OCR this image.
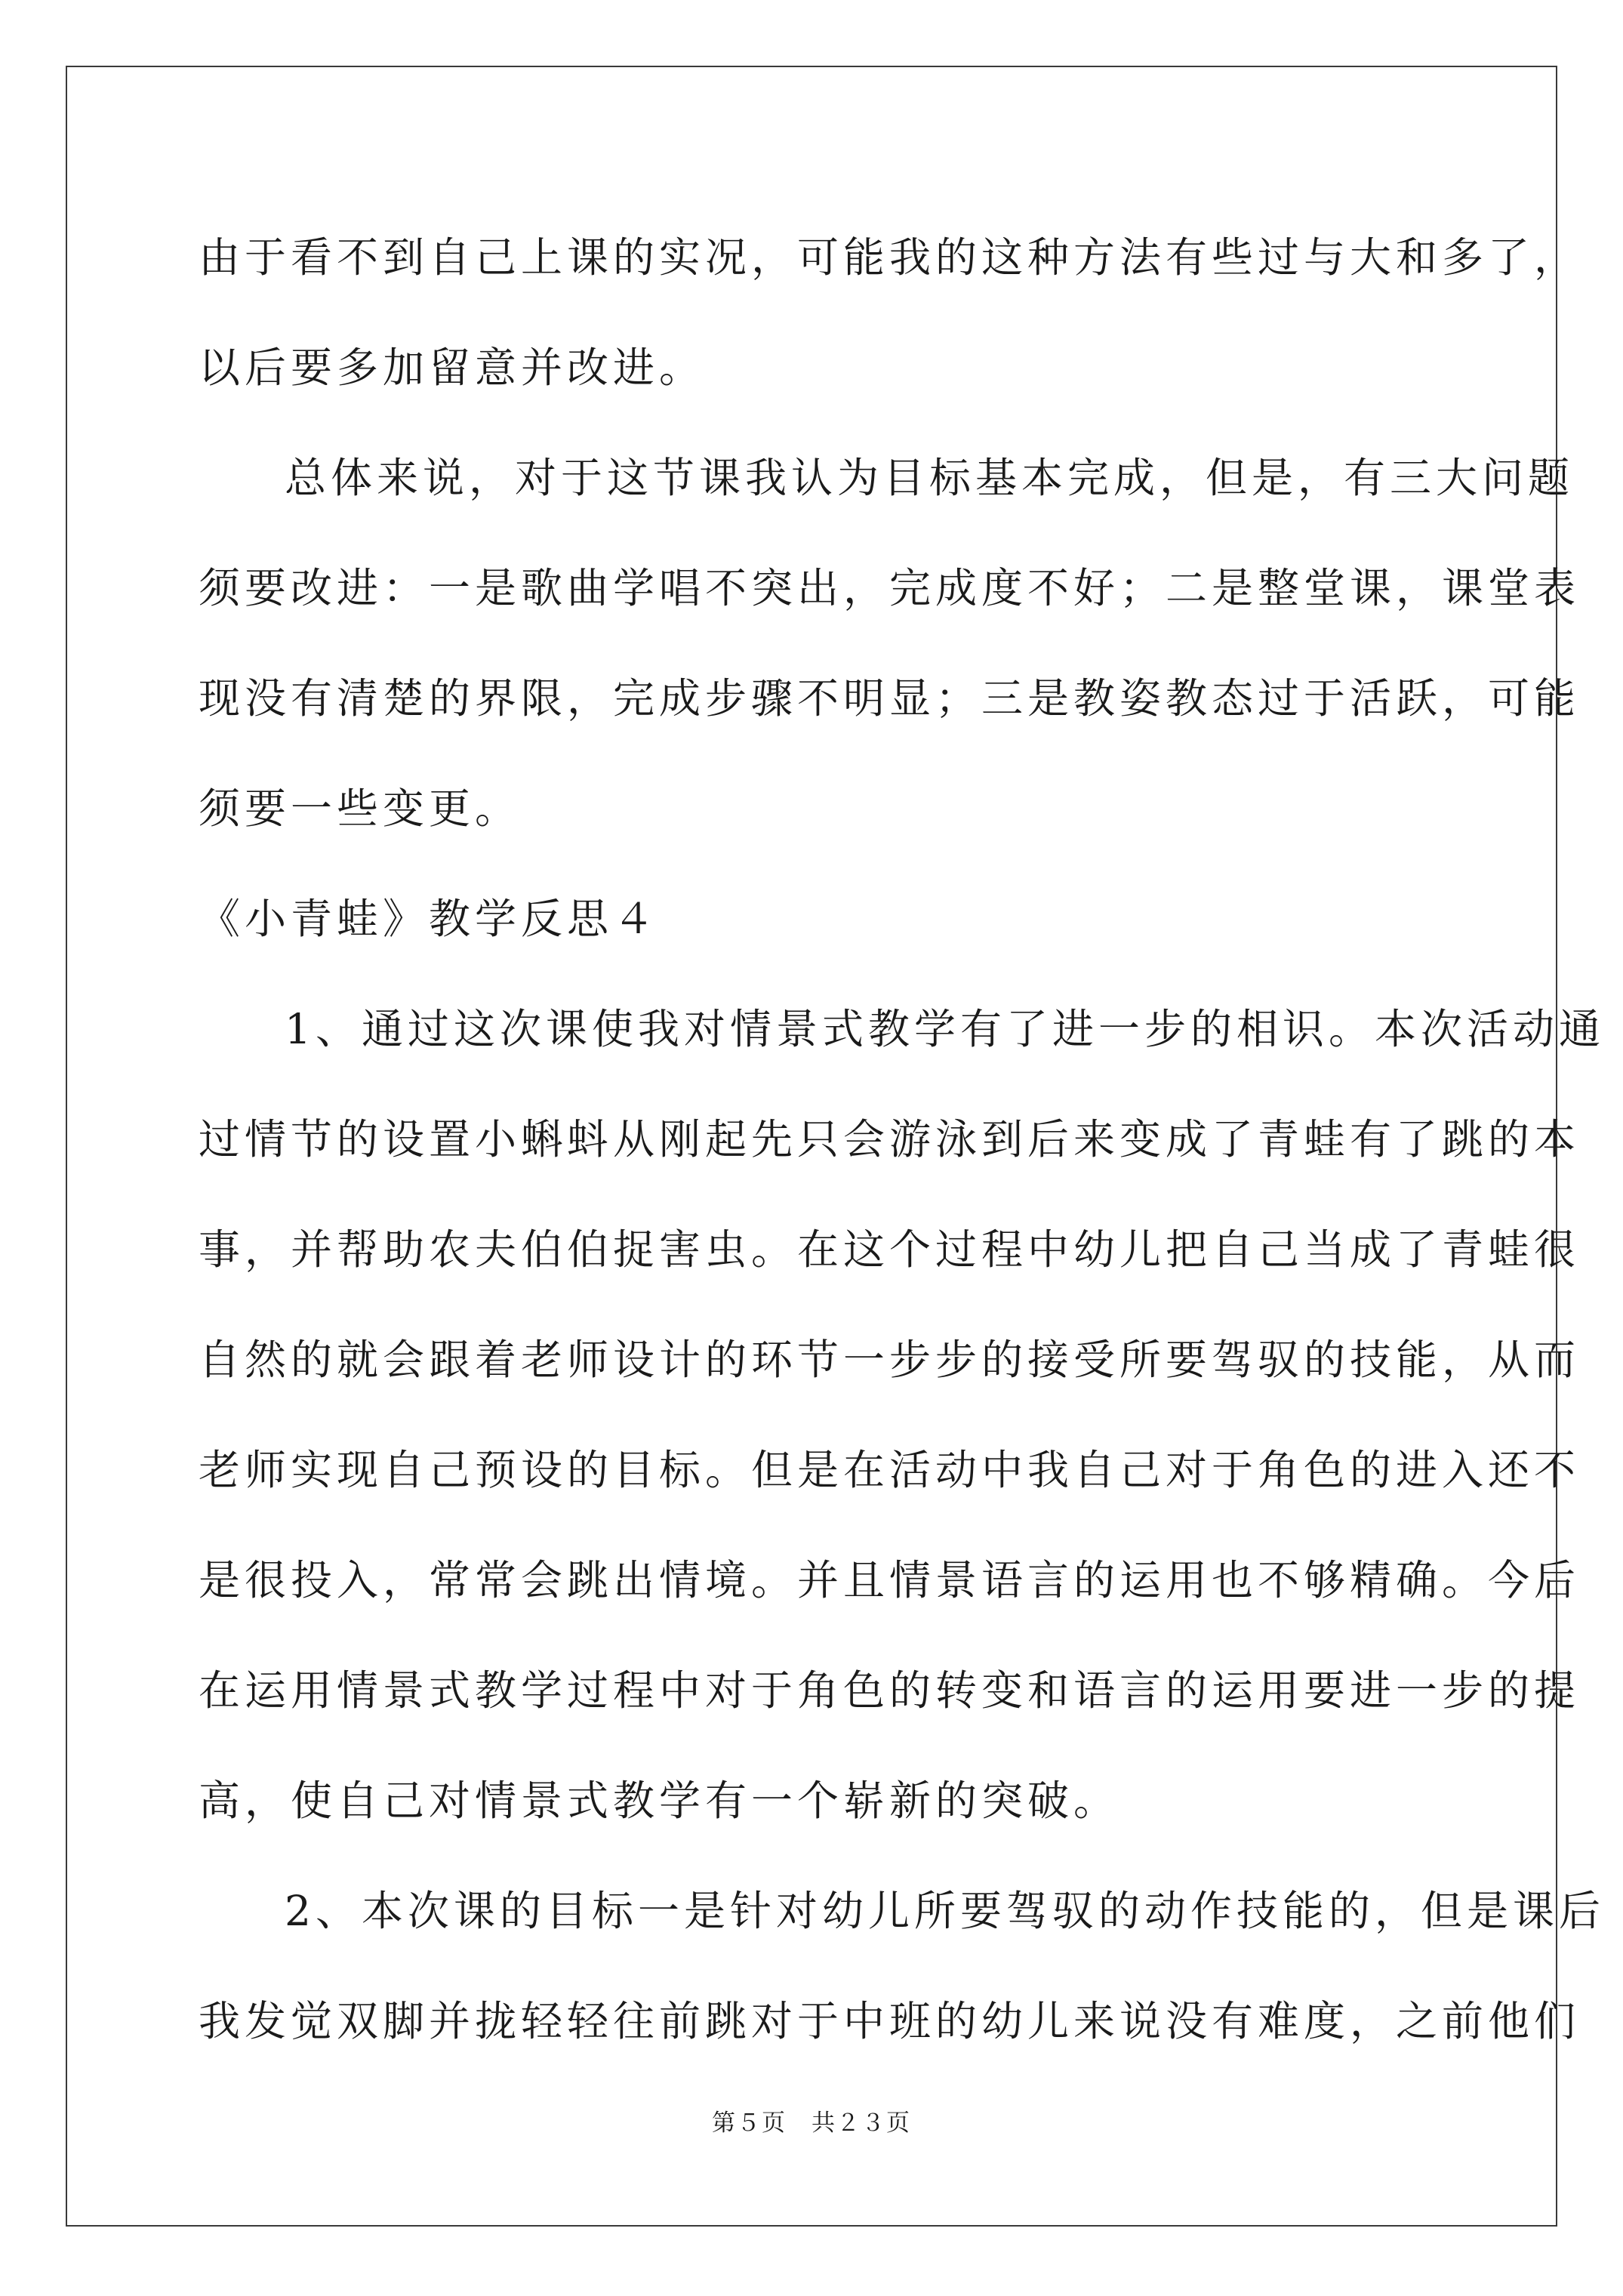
由于看不到自己上课的实况，可能我的这种方法有些过与大和多了，
以后要多加留意并改进。
总体来说，对于这节课我认为目标基本完成，但是，有三大问题
须要改进：一是歌曲学唱不突出，完成度不好；二是整堂课，课堂表
现没有清楚的界限，完成步骤不明显；三是教姿教态过于活跃，可能
须要一些变更。
《小青蛙》教学反思４
1、通过这次课使我对情景式教学有了进一步的相识。本次活动通
过情节的设置小蝌蚪从刚起先只会游泳到后来变成了青蛙有了跳的本
事，并帮助农夫伯伯捉害虫。在这个过程中幼儿把自己当成了青蛙很
自然的就会跟着老师设计的环节一步步的接受所要驾驭的技能，从而
老师实现自己预设的目标。但是在活动中我自己对于角色的进入还不
是很投入，常常会跳出情境。并且情景语言的运用也不够精确。今后
在运用情景式教学过程中对于角色的转变和语言的运用要进一步的提
高，使自己对情景式教学有一个崭新的突破。
2、本次课的目标一是针对幼儿所要驾驭的动作技能的，但是课后
我发觉双脚并拢轻轻往前跳对于中班的幼儿来说没有难度，之前他们
第５页　共２３页
